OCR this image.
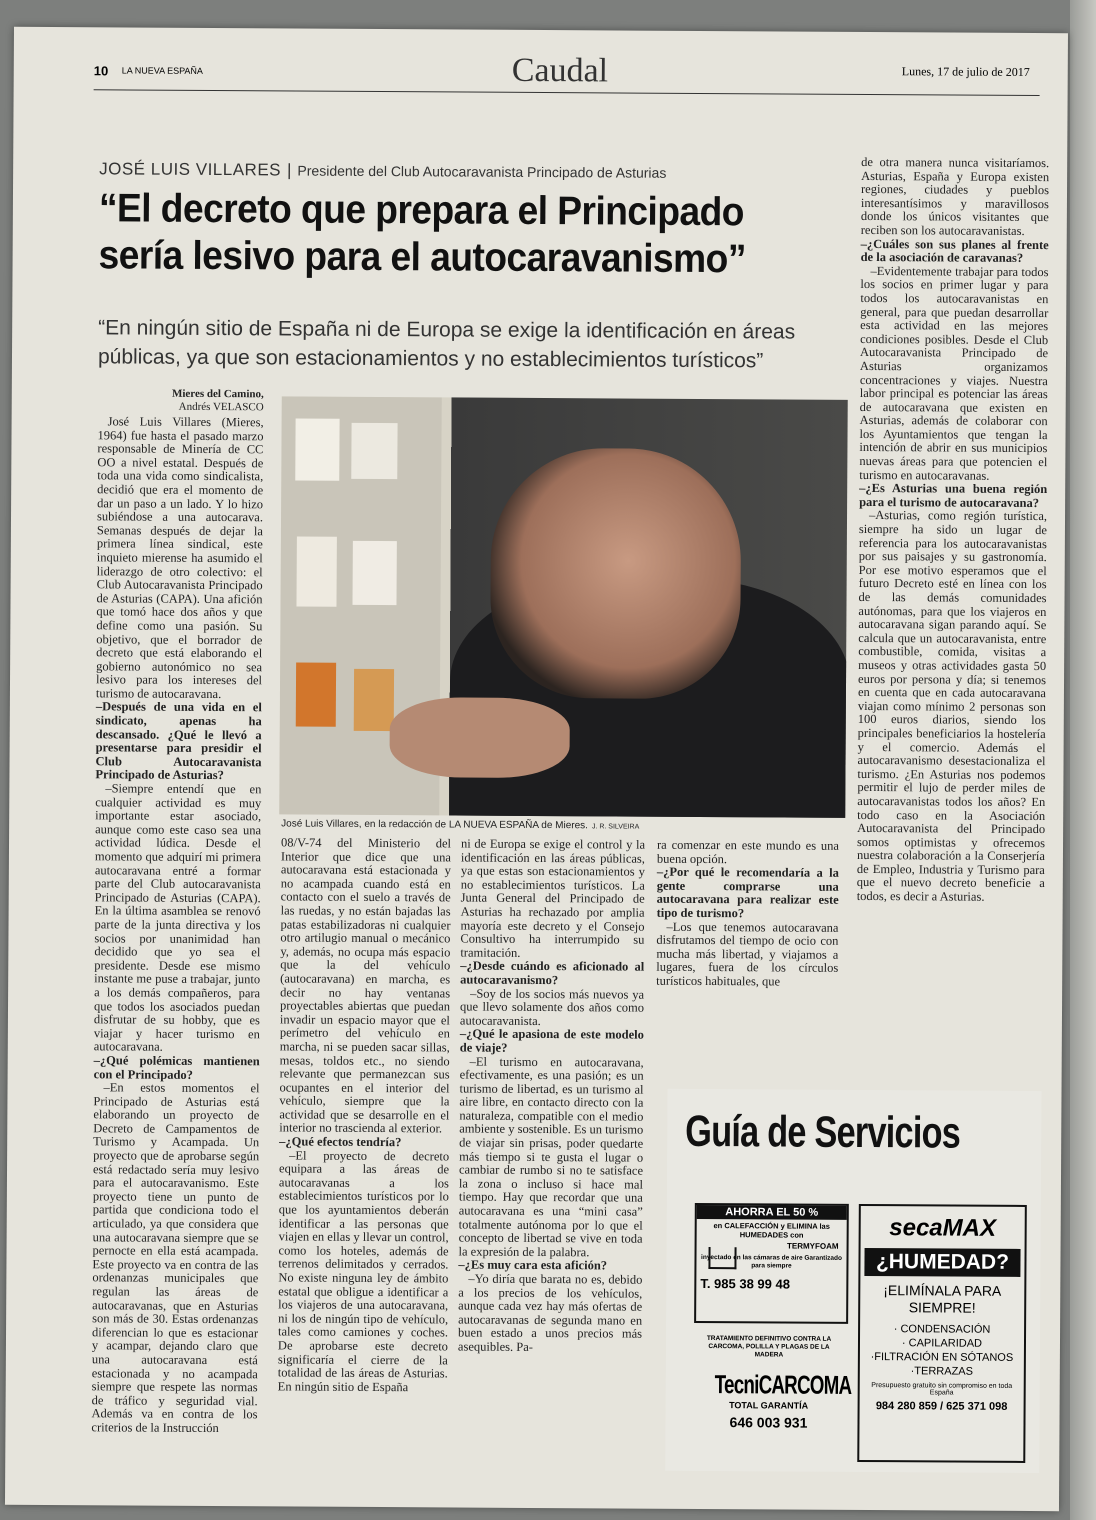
10 LA NUEVA ESPAÑA	Caudal	Lunes, 17 de julio de 2017
JOSÉ LUIS VILLARES | Presidente del Club Autocaravanista Principado de Asturias
“El decreto que prepara el Principado sería lesivo para el autocaravanismo”
“En ningún sitio de España ni de Europa se exige la identificación en áreas públicas, ya que son estacionamientos y no establecimientos turísticos”
Mieres del Camino,
Andrés VELASCO

José Luis Villares (Mieres, 1964) fue hasta el pasado marzo responsable de Minería de CC OO a nivel estatal. Después de toda una vida como sindicalista, decidió que era el momento de dar un paso a un lado. Y lo hizo subiéndose a una autocarava. Semanas después de dejar la primera línea sindical, este inquieto mierense ha asumido el liderazgo de otro colectivo: el Club Autocaravanista Principado de Asturias (CAPA). Una afición que tomó hace dos años y que define como una pasión. Su objetivo, que el borrador de decreto que está elaborando el gobierno autonómico no sea lesivo para los intereses del turismo de autocaravana.

–Después de una vida en el sindicato, apenas ha descansado. ¿Qué le llevó a presentarse para presidir el Club Autocaravanista Principado de Asturias?

–Siempre entendí que en cualquier actividad es muy importante estar asociado, aunque como este caso sea una actividad lúdica. Desde el momento que adquirí mi primera autocaravana entré a formar parte del Club autocaravanista Principado de Asturias (CAPA). En la última asamblea se renovó parte de la junta directiva y los socios por unanimidad han decidido que yo sea el presidente. Desde ese mismo instante me puse a trabajar, junto a los demás compañeros, para que todos los asociados puedan disfrutar de su hobby, que es viajar y hacer turismo en autocaravana.

–¿Qué polémicas mantienen con el Principado?

–En estos momentos el Principado de Asturias está elaborando un proyecto de Decreto de Campamentos de Turismo y Acampada. Un proyecto que de aprobarse según está redactado sería muy lesivo para el autocaravanismo. Este proyecto tiene un punto de partida que condiciona todo el articulado, ya que considera que una autocaravana siempre que se pernocte en ella está acampada. Este proyecto va en contra de las ordenanzas municipales que regulan las áreas de autocaravanas, que en Asturias son más de 30. Estas ordenanzas diferencian lo que es estacionar y acampar, dejando claro que una autocaravana está estacionada y no acampada siempre que respete las normas de tráfico y seguridad vial. Además va en contra de los criterios de la Instrucción

José Luis Villares, en la redacción de LA NUEVA ESPAÑA de Mieres. J. R. SILVEIRA

08/V-74 del Ministerio del Interior que dice que una autocaravana está estacionada y no acampada cuando está en contacto con el suelo a través de las ruedas, y no están bajadas las patas estabilizadoras ni cualquier otro artilugio manual o mecánico y, además, no ocupa más espacio que la del vehículo (autocaravana) en marcha, es decir no hay ventanas proyectables abiertas que puedan invadir un espacio mayor que el perímetro del vehículo en marcha, ni se pueden sacar sillas, mesas, toldos etc., no siendo relevante que permanezcan sus ocupantes en el interior del vehículo, siempre que la actividad que se desarrolle en el interior no trascienda al exterior.

–¿Qué efectos tendría?

–El proyecto de decreto equipara a las áreas de autocaravanas a los establecimientos turísticos por lo que los ayuntamientos deberán identificar a las personas que viajen en ellas y llevar un control, como los hoteles, además de terrenos delimitados y cerrados. No existe ninguna ley de ámbito estatal que obligue a identificar a los viajeros de una autocaravana, ni los de ningún tipo de vehículo, tales como camiones y coches. De aprobarse este decreto significaría el cierre de la totalidad de las áreas de Asturias. En ningún sitio de España

ni de Europa se exige el control y la identificación en las áreas públicas, ya que estas son estacionamientos y no establecimientos turísticos. La Junta General del Principado de Asturias ha rechazado por amplia mayoría este decreto y el Consejo Consultivo ha interrumpido su tramitación.

–¿Desde cuándo es aficionado al autocaravanismo?

–Soy de los socios más nuevos ya que llevo solamente dos años como autocaravanista.

–¿Qué le apasiona de este modelo de viaje?

–El turismo en autocaravana, efectivamente, es una pasión; es un turismo de libertad, es un turismo al aire libre, en contacto directo con la naturaleza, compatible con el medio ambiente y sostenible. Es un turismo de viajar sin prisas, poder quedarte más tiempo si te gusta el lugar o cambiar de rumbo si no te satisface la zona o incluso si hace mal tiempo. Hay que recordar que una autocaravana es una “mini casa” totalmente autónoma por lo que el concepto de libertad se vive en toda la expresión de la palabra.

–¿Es muy cara esta afición?

–Yo diría que barata no es, debido a los precios de los vehículos, aunque cada vez hay más ofertas de autocaravanas de segunda mano en buen estado a unos precios más asequibles. Pa-

ra comenzar en este mundo es una buena opción.

–¿Por qué le recomendaría a la gente comprarse una autocaravana para realizar este tipo de turismo?

–Los que tenemos autocaravana disfrutamos del tiempo de ocio con mucha más libertad, y viajamos a lugares, fuera de los círculos turísticos habituales, que

de otra manera nunca visitaríamos. Asturias, España y Europa existen regiones, ciudades y pueblos interesantísimos y maravillosos donde los únicos visitantes que reciben son los autocaravanistas.

–¿Cuáles son sus planes al frente de la asociación de caravanas?

–Evidentemente trabajar para todos los socios en primer lugar y para todos los autocaravanistas en general, para que puedan desarrollar esta actividad en las mejores condiciones posibles. Desde el Club Autocaravanista Principado de Asturias organizamos concentraciones y viajes. Nuestra labor principal es potenciar las áreas de autocaravana que existen en Asturias, además de colaborar con los Ayuntamientos que tengan la intención de abrir en sus municipios nuevas áreas para que potencien el turismo en autocaravanas.

–¿Es Asturias una buena región para el turismo de autocaravana?

–Asturias, como región turística, siempre ha sido un lugar de referencia para los autocaravanistas por sus paisajes y su gastronomía. Por ese motivo esperamos que el futuro Decreto esté en línea con los de las demás comunidades autónomas, para que los viajeros en autocaravana sigan parando aquí. Se calcula que un autocaravanista, entre combustible, comida, visitas a museos y otras actividades gasta 50 euros por persona y día; si tenemos en cuenta que en cada autocaravana viajan como mínimo 2 personas son 100 euros diarios, siendo los principales beneficiarios la hostelería y el comercio. Además el autocaravanismo desestacionaliza el turismo. ¿En Asturias nos podemos permitir el lujo de perder miles de autocaravanistas todos los años? En todo caso en la Asociación Autocaravanista del Principado somos optimistas y ofrecemos nuestra colaboración a la Conserjería de Empleo, Industria y Turismo para que el nuevo decreto beneficie a todos, es decir a Asturias.

Guía de Servicios
AHORRA EL 50 %
en CALEFACCIÓN y ELIMINA las HUMEDADES con
TERMYFOAM
inyectado en las cámaras de aire Garantizado para siempre
T. 985 38 99 48
TRATAMIENTO DEFINITIVO CONTRA LA CARCOMA, POLILLA Y PLAGAS DE LA MADERA
TecniCARCOMA
TOTAL GARANTÍA
646 003 931
secaMAX
¿HUMEDAD?
¡ELIMÍNALA PARA SIEMPRE!
· CONDENSACIÓN
· CAPILARIDAD
·FILTRACIÓN EN SÓTANOS
·TERRAZAS
Presupuesto gratuito sin compromiso en toda España
984 280 859 / 625 371 098
